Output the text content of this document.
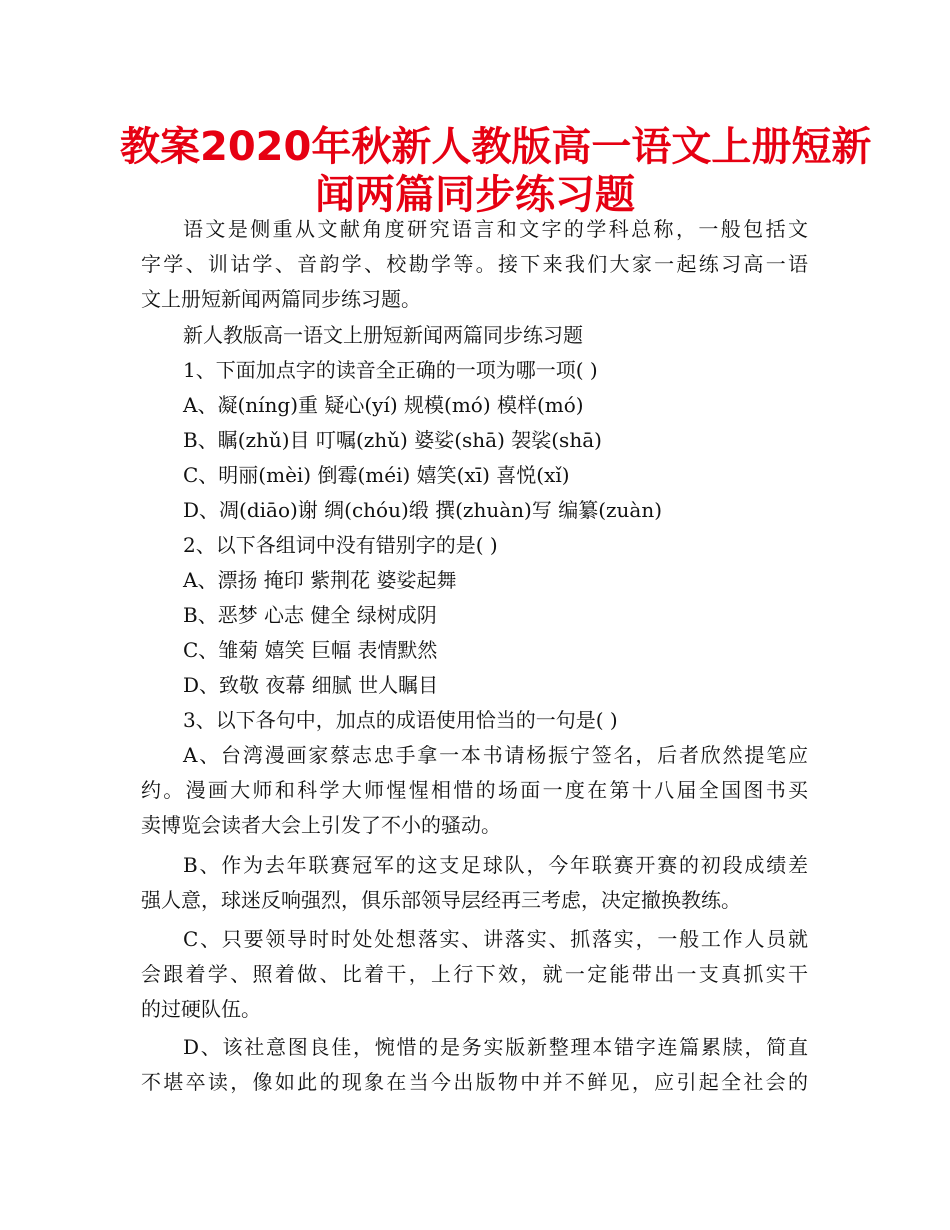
教案2020年秋新人教版高一语文上册短新
闻两篇同步练习题
语文是侧重从文献角度研究语言和文字的学科总称，一般包括文
字学、训诂学、音韵学、校勘学等。接下来我们大家一起练习高一语
文上册短新闻两篇同步练习题。
新人教版高一语文上册短新闻两篇同步练习题
1、下面加点字的读音全正确的一项为哪一项( )
A、凝(níng)重 疑心(yí) 规模(mó) 模样(mó)
B、瞩(zhǔ)目 叮嘱(zhǔ) 婆娑(shā) 袈裟(shā)
C、明丽(mèi) 倒霉(méi) 嬉笑(xī) 喜悦(xǐ)
D、凋(diāo)谢 绸(chóu)缎 撰(zhuàn)写 编纂(zuàn)
2、以下各组词中没有错别字的是( )
A、漂扬 掩印 紫荆花 婆娑起舞
B、恶梦 心志 健全 绿树成阴
C、雏菊 嬉笑 巨幅 表情默然
D、致敬 夜幕 细腻 世人瞩目
3、以下各句中，加点的成语使用恰当的一句是( )
A、台湾漫画家蔡志忠手拿一本书请杨振宁签名，后者欣然提笔应
约。漫画大师和科学大师惺惺相惜的场面一度在第十八届全国图书买
卖博览会读者大会上引发了不小的骚动。
B、作为去年联赛冠军的这支足球队，今年联赛开赛的初段成绩差
强人意，球迷反响强烈，俱乐部领导层经再三考虑，决定撤换教练。
C、只要领导时时处处想落实、讲落实、抓落实，一般工作人员就
会跟着学、照着做、比着干，上行下效，就一定能带出一支真抓实干
的过硬队伍。
D、该社意图良佳，惋惜的是务实版新整理本错字连篇累牍，简直
不堪卒读，像如此的现象在当今出版物中并不鲜见，应引起全社会的
